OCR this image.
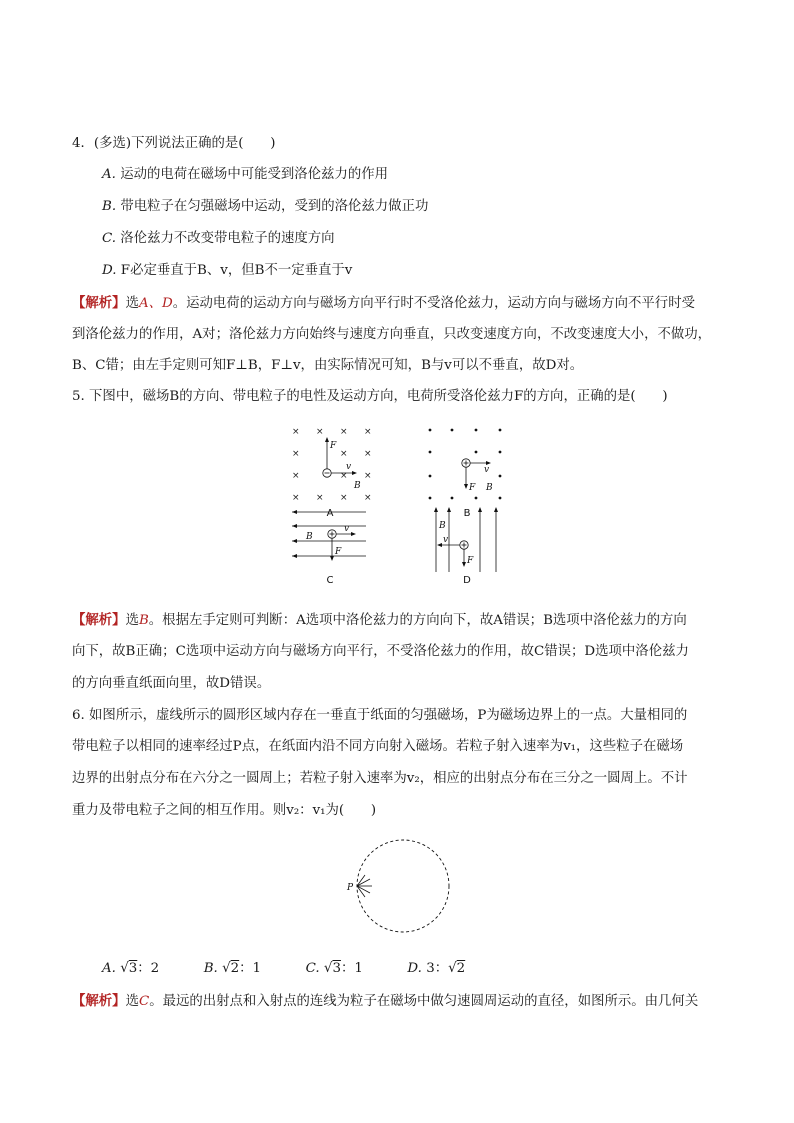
4．(多选)下列说法正确的是(　　)
A. 运动的电荷在磁场中可能受到洛伦兹力的作用
B. 带电粒子在匀强磁场中运动，受到的洛伦兹力做正功
C. 洛伦兹力不改变带电粒子的速度方向
D. F必定垂直于B、v，但B不一定垂直于v
【解析】选A、D。运动电荷的运动方向与磁场方向平行时不受洛伦兹力，运动方向与磁场方向不平行时受
到洛伦兹力的作用，A对；洛伦兹力方向始终与速度方向垂直，只改变速度方向，不改变速度大小，不做功，
B、C错；由左手定则可知F⊥B，F⊥v，由实际情况可知，B与v可以不垂直，故D对。
5. 下图中，磁场B的方向、带电粒子的电性及运动方向，电荷所受洛伦兹力F的方向，正确的是(　　)
× × × ×
×	× ×
×	× ×
× × × ×
F
v
B
A
v
F B
B
v
B
F
C
B
v
F
D
【解析】选B。根据左手定则可判断：A选项中洛伦兹力的方向向下，故A错误；B选项中洛伦兹力的方向
向下，故B正确；C选项中运动方向与磁场方向平行，不受洛伦兹力的作用，故C错误；D选项中洛伦兹力
的方向垂直纸面向里，故D错误。
6. 如图所示，虚线所示的圆形区域内存在一垂直于纸面的匀强磁场，P为磁场边界上的一点。大量相同的
带电粒子以相同的速率经过P点，在纸面内沿不同方向射入磁场。若粒子射入速率为v₁，这些粒子在磁场
边界的出射点分布在六分之一圆周上；若粒子射入速率为v₂，相应的出射点分布在三分之一圆周上。不计
重力及带电粒子之间的相互作用。则v₂：v₁为(　　)
P
A. √3：2	B. √2：1	C. √3：1	D. 3：√2
【解析】选C。最远的出射点和入射点的连线为粒子在磁场中做匀速圆周运动的直径，如图所示。由几何关
